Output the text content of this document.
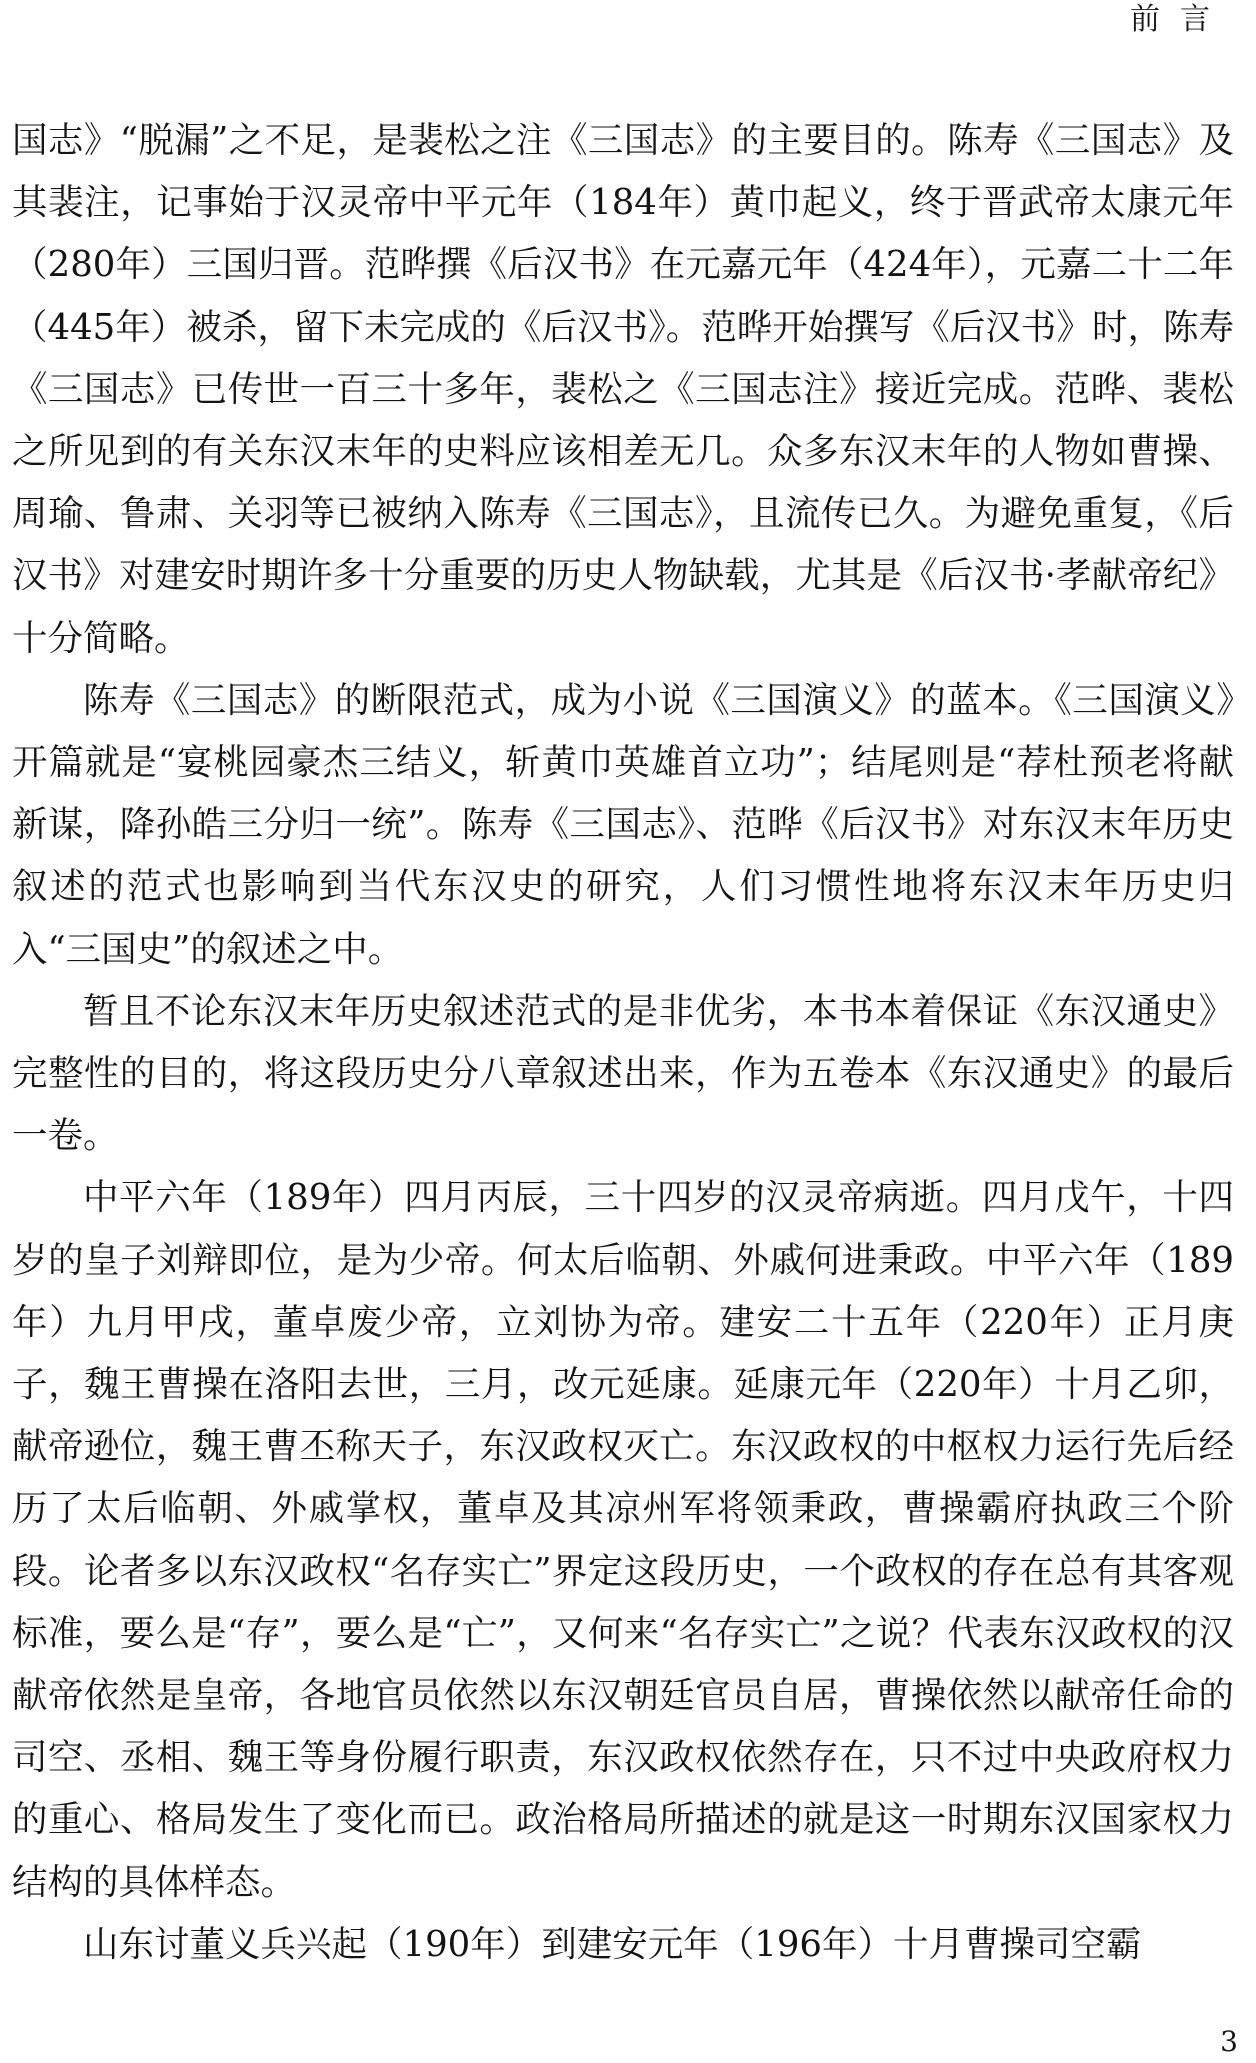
前言

国志》“脱漏”之不足，是裴松之注《三国志》的主要目的。陈寿《三国志》及其裴注，记事始于汉灵帝中平元年（184年）黄巾起义，终于晋武帝太康元年（280年）三国归晋。范晔撰《后汉书》在元嘉元年（424年），元嘉二十二年（445年）被杀，留下未完成的《后汉书》。范晔开始撰写《后汉书》时，陈寿《三国志》已传世一百三十多年，裴松之《三国志注》接近完成。范晔、裴松之所见到的有关东汉末年的史料应该相差无几。众多东汉末年的人物如曹操、周瑜、鲁肃、关羽等已被纳入陈寿《三国志》，且流传已久。为避免重复，《后汉书》对建安时期许多十分重要的历史人物缺载，尤其是《后汉书·孝献帝纪》十分简略。

陈寿《三国志》的断限范式，成为小说《三国演义》的蓝本。《三国演义》开篇就是“宴桃园豪杰三结义，斩黄巾英雄首立功”；结尾则是“荐杜预老将献新谋，降孙皓三分归一统”。陈寿《三国志》、范晔《后汉书》对东汉末年历史叙述的范式也影响到当代东汉史的研究，人们习惯性地将东汉末年历史归入“三国史”的叙述之中。

暂且不论东汉末年历史叙述范式的是非优劣，本书本着保证《东汉通史》完整性的目的，将这段历史分八章叙述出来，作为五卷本《东汉通史》的最后一卷。

中平六年（189年）四月丙辰，三十四岁的汉灵帝病逝。四月戊午，十四岁的皇子刘辩即位，是为少帝。何太后临朝、外戚何进秉政。中平六年（189年）九月甲戌，董卓废少帝，立刘协为帝。建安二十五年（220年）正月庚子，魏王曹操在洛阳去世，三月，改元延康。延康元年（220年）十月乙卯，献帝逊位，魏王曹丕称天子，东汉政权灭亡。东汉政权的中枢权力运行先后经历了太后临朝、外戚掌权，董卓及其凉州军将领秉政，曹操霸府执政三个阶段。论者多以东汉政权“名存实亡”界定这段历史，一个政权的存在总有其客观标准，要么是“存”，要么是“亡”，又何来“名存实亡”之说？代表东汉政权的汉献帝依然是皇帝，各地官员依然以东汉朝廷官员自居，曹操依然以献帝任命的司空、丞相、魏王等身份履行职责，东汉政权依然存在，只不过中央政府权力的重心、格局发生了变化而已。政治格局所描述的就是这一时期东汉国家权力结构的具体样态。

山东讨董义兵兴起（190年）到建安元年（196年）十月曹操司空霸

3
